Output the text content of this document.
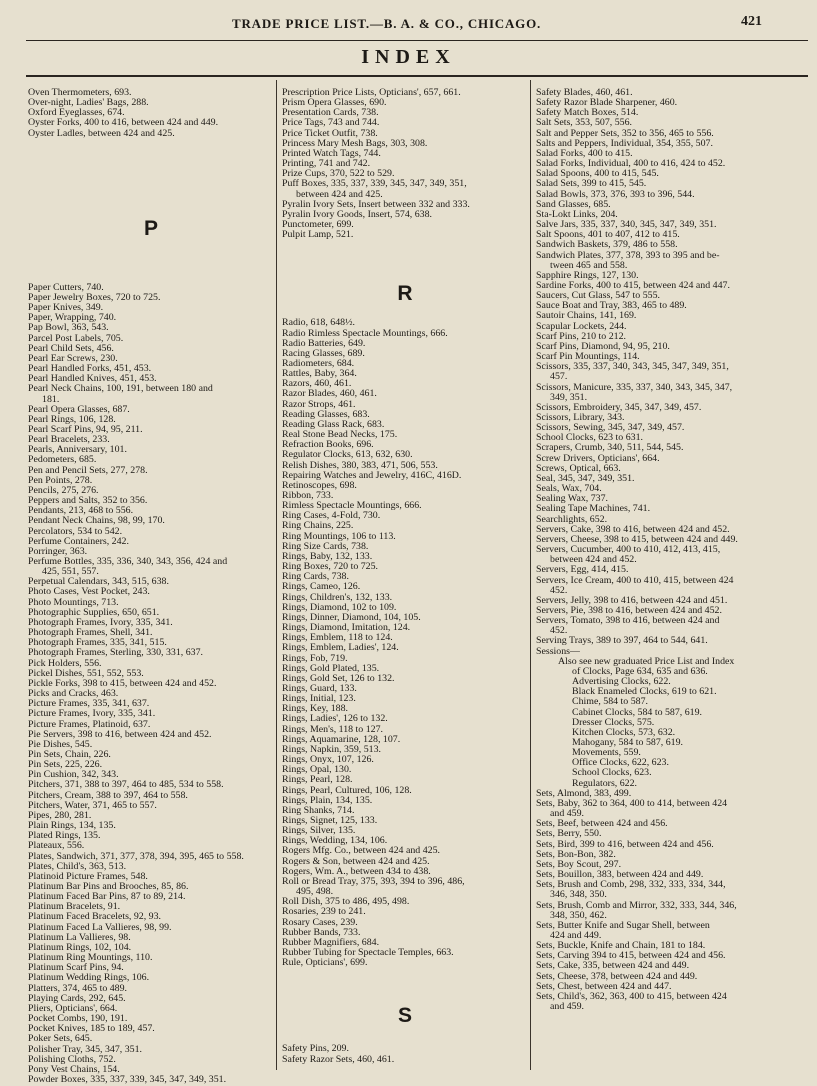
TRADE PRICE LIST.—B. A. & CO., CHICAGO.	421
INDEX
Oven Thermometers, 693.
Over-night, Ladies' Bags, 288.
Oxford Eyeglasses, 674.
Oyster Forks, 400 to 416, between 424 and 449.
Oyster Ladles, between 424 and 425.
P
Paper Cutters, 740.
Paper Jewelry Boxes, 720 to 725.
Paper Knives, 349.
Paper, Wrapping, 740.
Pap Bowl, 363, 543.
Parcel Post Labels, 705.
Pearl Child Sets, 456.
Pearl Ear Screws, 230.
Pearl Handled Forks, 451, 453.
Pearl Handled Knives, 451, 453.
Pearl Neck Chains, 100, 191, between 180 and
181.
Pearl Opera Glasses, 687.
Pearl Rings, 106, 128.
Pearl Scarf Pins, 94, 95, 211.
Pearl Bracelets, 233.
Pearls, Anniversary, 101.
Pedometers, 685.
Pen and Pencil Sets, 277, 278.
Pen Points, 278.
Pencils, 275, 276.
Peppers and Salts, 352 to 356.
Pendants, 213, 468 to 556.
Pendant Neck Chains, 98, 99, 170.
Percolators, 534 to 542.
Perfume Containers, 242.
Porringer, 363.
Perfume Bottles, 335, 336, 340, 343, 356, 424 and
425, 551, 557.
Perpetual Calendars, 343, 515, 638.
Photo Cases, Vest Pocket, 243.
Photo Mountings, 713.
Photographic Supplies, 650, 651.
Photograph Frames, Ivory, 335, 341.
Photograph Frames, Shell, 341.
Photograph Frames, 335, 341, 515.
Photograph Frames, Sterling, 330, 331, 637.
Pick Holders, 556.
Pickel Dishes, 551, 552, 553.
Pickle Forks, 398 to 415, between 424 and 452.
Picks and Cracks, 463.
Picture Frames, 335, 341, 637.
Picture Frames, Ivory, 335, 341.
Picture Frames, Platinoid, 637.
Pie Servers, 398 to 416, between 424 and 452.
Pie Dishes, 545.
Pin Sets, Chain, 226.
Pin Sets, 225, 226.
Pin Cushion, 342, 343.
Pitchers, 371, 388 to 397, 464 to 485, 534 to 558.
Pitchers, Cream, 388 to 397, 464 to 558.
Pitchers, Water, 371, 465 to 557.
Pipes, 280, 281.
Plain Rings, 134, 135.
Plated Rings, 135.
Plateaux, 556.
Plates, Sandwich, 371, 377, 378, 394, 395, 465 to 558.
Plates, Child's, 363, 513.
Platinoid Picture Frames, 548.
Platinum Bar Pins and Brooches, 85, 86.
Platinum Faced Bar Pins, 87 to 89, 214.
Platinum Bracelets, 91.
Platinum Faced Bracelets, 92, 93.
Platinum Faced La Vallieres, 98, 99.
Platinum La Vallieres, 98.
Platinum Rings, 102, 104.
Platinum Ring Mountings, 110.
Platinum Scarf Pins, 94.
Platinum Wedding Rings, 106.
Platters, 374, 465 to 489.
Playing Cards, 292, 645.
Pliers, Opticians', 664.
Pocket Combs, 190, 191.
Pocket Knives, 185 to 189, 457.
Poker Sets, 645.
Polisher Tray, 345, 347, 351.
Polishing Cloths, 752.
Pony Vest Chains, 154.
Powder Boxes, 335, 337, 339, 345, 347, 349, 351.
Prescription Price Lists, Opticians', 657, 661.
Prism Opera Glasses, 690.
Presentation Cards, 738.
Price Tags, 743 and 744.
Price Ticket Outfit, 738.
Princess Mary Mesh Bags, 303, 308.
Printed Watch Tags, 744.
Printing, 741 and 742.
Prize Cups, 370, 522 to 529.
Puff Boxes, 335, 337, 339, 345, 347, 349, 351,
between 424 and 425.
Pyralin Ivory Sets, Insert between 332 and 333.
Pyralin Ivory Goods, Insert, 574, 638.
Punctometer, 699.
Pulpit Lamp, 521.
R
Radio, 618, 648½.
Radio Rimless Spectacle Mountings, 666.
Radio Batteries, 649.
Racing Glasses, 689.
Radiometers, 684.
Rattles, Baby, 364.
Razors, 460, 461.
Razor Blades, 460, 461.
Razor Strops, 461.
Reading Glasses, 683.
Reading Glass Rack, 683.
Real Stone Bead Necks, 175.
Refraction Books, 696.
Regulator Clocks, 613, 632, 630.
Relish Dishes, 380, 383, 471, 506, 553.
Repairing Watches and Jewelry, 416C, 416D.
Retinoscopes, 698.
Ribbon, 733.
Rimless Spectacle Mountings, 666.
Ring Cases, 4-Fold, 730.
Ring Chains, 225.
Ring Mountings, 106 to 113.
Ring Size Cards, 738.
Rings, Baby, 132, 133.
Ring Boxes, 720 to 725.
Ring Cards, 738.
Rings, Cameo, 126.
Rings, Children's, 132, 133.
Rings, Diamond, 102 to 109.
Rings, Dinner, Diamond, 104, 105.
Rings, Diamond, Imitation, 124.
Rings, Emblem, 118 to 124.
Rings, Emblem, Ladies', 124.
Rings, Fob, 719.
Rings, Gold Plated, 135.
Rings, Gold Set, 126 to 132.
Rings, Guard, 133.
Rings, Initial, 123.
Rings, Key, 188.
Rings, Ladies', 126 to 132.
Rings, Men's, 118 to 127.
Rings, Aquamarine, 128, 107.
Rings, Napkin, 359, 513.
Rings, Onyx, 107, 126.
Rings, Opal, 130.
Rings, Pearl, 128.
Rings, Pearl, Cultured, 106, 128.
Rings, Plain, 134, 135.
Ring Shanks, 714.
Rings, Signet, 125, 133.
Rings, Silver, 135.
Rings, Wedding, 134, 106.
Rogers Mfg. Co., between 424 and 425.
Rogers & Son, between 424 and 425.
Rogers, Wm. A., between 434 to 438.
Roll or Bread Tray, 375, 393, 394 to 396, 486,
495, 498.
Roll Dish, 375 to 486, 495, 498.
Rosaries, 239 to 241.
Rosary Cases, 239.
Rubber Bands, 733.
Rubber Magnifiers, 684.
Rubber Tubing for Spectacle Temples, 663.
Rule, Opticians', 699.
S
Safety Pins, 209.
Safety Razor Sets, 460, 461.
Safety Blades, 460, 461.
Safety Razor Blade Sharpener, 460.
Safety Match Boxes, 514.
Salt Sets, 353, 507, 556.
Salt and Pepper Sets, 352 to 356, 465 to 556.
Salts and Peppers, Individual, 354, 355, 507.
Salad Forks, 400 to 415.
Salad Forks, Individual, 400 to 416, 424 to 452.
Salad Spoons, 400 to 415, 545.
Salad Sets, 399 to 415, 545.
Salad Bowls, 373, 376, 393 to 396, 544.
Sand Glasses, 685.
Sta-Lokt Links, 204.
Salve Jars, 335, 337, 340, 345, 347, 349, 351.
Salt Spoons, 401 to 407, 412 to 415.
Sandwich Baskets, 379, 486 to 558.
Sandwich Plates, 377, 378, 393 to 395 and be-
tween 465 and 558.
Sapphire Rings, 127, 130.
Sardine Forks, 400 to 415, between 424 and 447.
Saucers, Cut Glass, 547 to 555.
Sauce Boat and Tray, 383, 465 to 489.
Sautoir Chains, 141, 169.
Scapular Lockets, 244.
Scarf Pins, 210 to 212.
Scarf Pins, Diamond, 94, 95, 210.
Scarf Pin Mountings, 114.
Scissors, 335, 337, 340, 343, 345, 347, 349, 351,
457.
Scissors, Manicure, 335, 337, 340, 343, 345, 347,
349, 351.
Scissors, Embroidery, 345, 347, 349, 457.
Scissors, Library, 343.
Scissors, Sewing, 345, 347, 349, 457.
School Clocks, 623 to 631.
Scrapers, Crumb, 340, 511, 544, 545.
Screw Drivers, Opticians', 664.
Screws, Optical, 663.
Seal, 345, 347, 349, 351.
Seals, Wax, 704.
Sealing Wax, 737.
Sealing Tape Machines, 741.
Searchlights, 652.
Servers, Cake, 398 to 416, between 424 and 452.
Servers, Cheese, 398 to 415, between 424 and 449.
Servers, Cucumber, 400 to 410, 412, 413, 415,
between 424 and 452.
Servers, Egg, 414, 415.
Servers, Ice Cream, 400 to 410, 415, between 424
452.
Servers, Jelly, 398 to 416, between 424 and 451.
Servers, Pie, 398 to 416, between 424 and 452.
Servers, Tomato, 398 to 416, between 424 and
452.
Serving Trays, 389 to 397, 464 to 544, 641.
Sessions—
Also see new graduated Price List and Index
of Clocks, Page 634, 635 and 636.
Advertising Clocks, 622.
Black Enameled Clocks, 619 to 621.
Chime, 584 to 587.
Cabinet Clocks, 584 to 587, 619.
Dresser Clocks, 575.
Kitchen Clocks, 573, 632.
Mahogany, 584 to 587, 619.
Movements, 559.
Office Clocks, 622, 623.
School Clocks, 623.
Regulators, 622.
Sets, Almond, 383, 499.
Sets, Baby, 362 to 364, 400 to 414, between 424
and 459.
Sets, Beef, between 424 and 456.
Sets, Berry, 550.
Sets, Bird, 399 to 416, between 424 and 456.
Sets, Bon-Bon, 382.
Sets, Boy Scout, 297.
Sets, Bouillon, 383, between 424 and 449.
Sets, Brush and Comb, 298, 332, 333, 334, 344,
346, 348, 350.
Sets, Brush, Comb and Mirror, 332, 333, 344, 346,
348, 350, 462.
Sets, Butter Knife and Sugar Shell, between
424 and 449.
Sets, Buckle, Knife and Chain, 181 to 184.
Sets, Carving 394 to 415, between 424 and 456.
Sets, Cake, 335, between 424 and 449.
Sets, Cheese, 378, between 424 and 449.
Sets, Chest, between 424 and 447.
Sets, Child's, 362, 363, 400 to 415, between 424
and 459.
